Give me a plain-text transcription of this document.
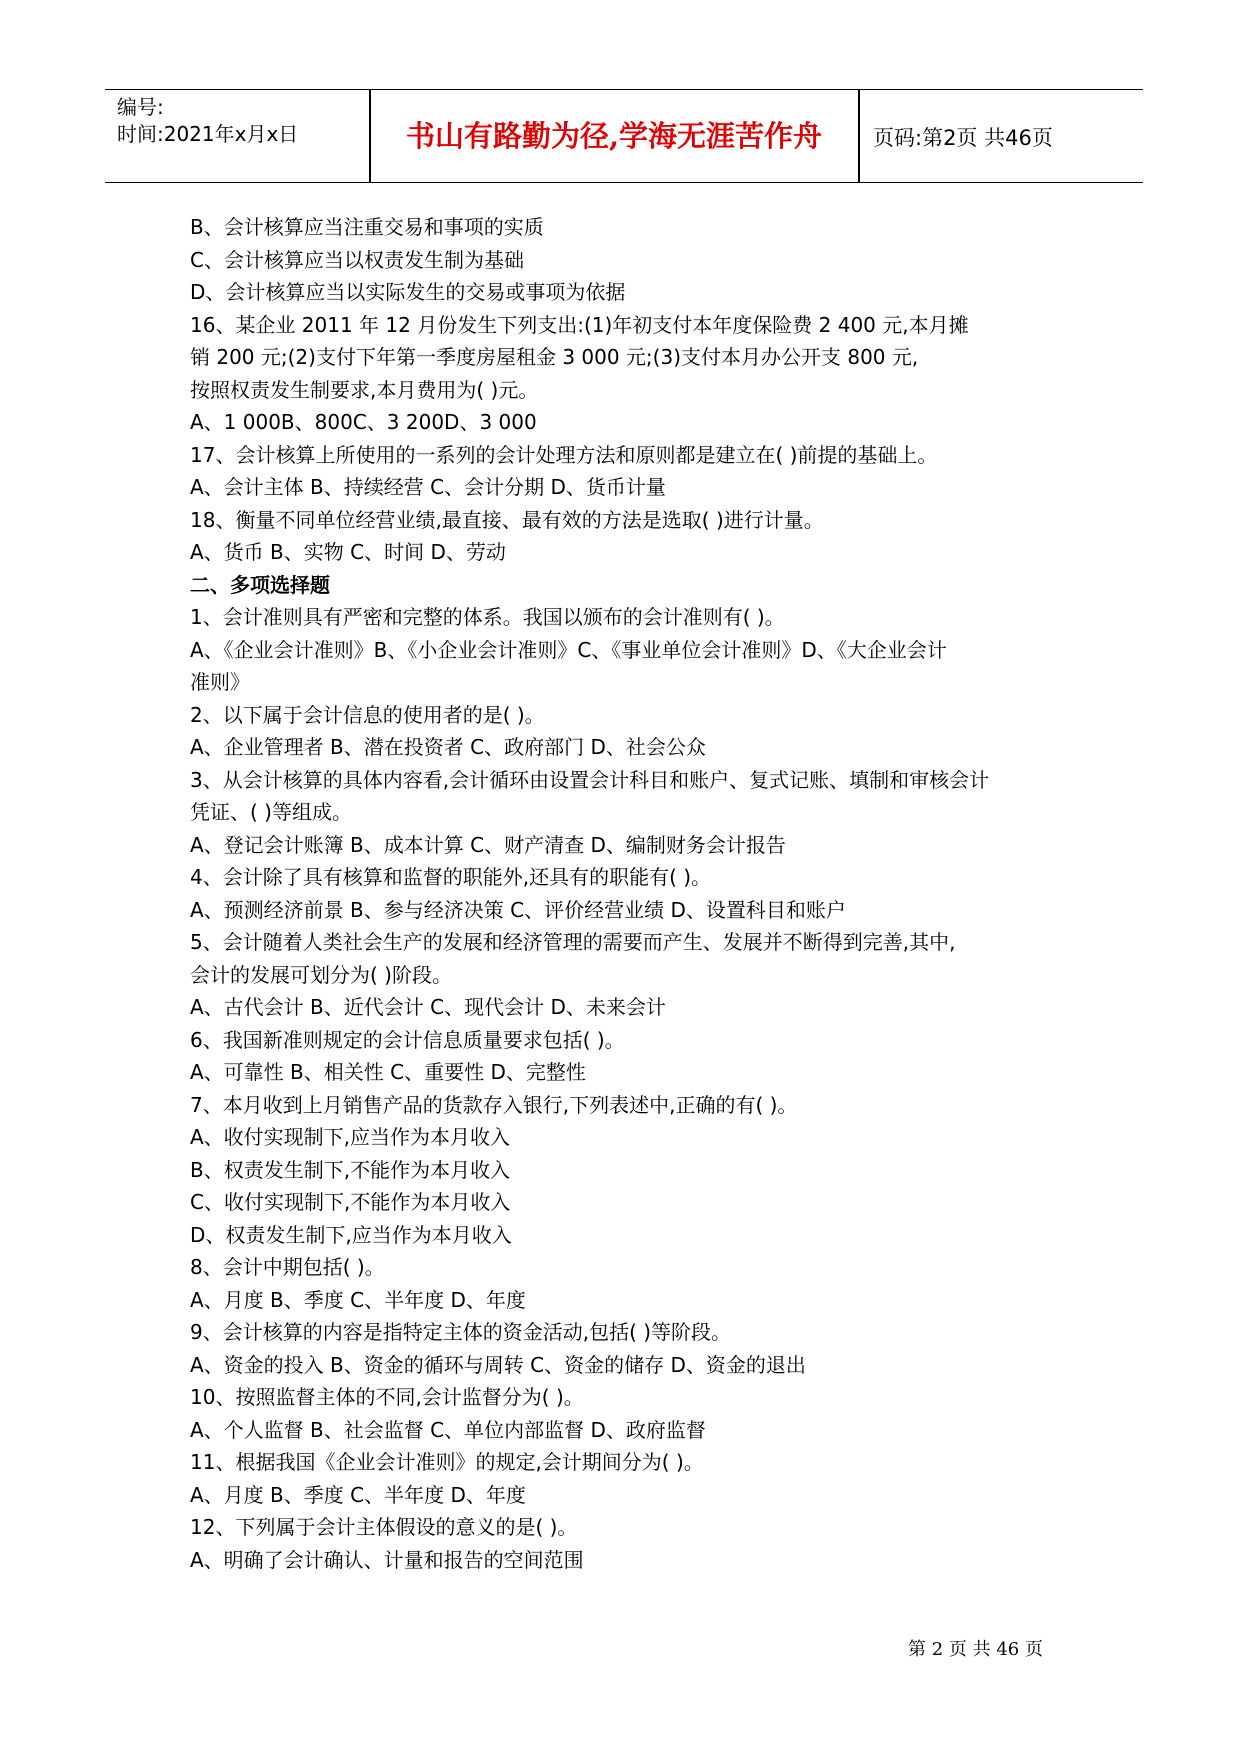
编号:
时间:2021年x月x日	书山有路勤为径,学海无涯苦作舟	页码:第2页 共46页
B、会计核算应当注重交易和事项的实质
C、会计核算应当以权责发生制为基础
D、会计核算应当以实际发生的交易或事项为依据
16、某企业 2011 年 12 月份发生下列支出:(1)年初支付本年度保险费 2 400 元,本月摊
销 200 元;(2)支付下年第一季度房屋租金 3 000 元;(3)支付本月办公开支 800 元,
按照权责发生制要求,本月费用为( )元。
A、1 000B、800C、3 200D、3 000
17、会计核算上所使用的一系列的会计处理方法和原则都是建立在( )前提的基础上。
A、会计主体 B、持续经营 C、会计分期 D、货币计量
18、衡量不同单位经营业绩,最直接、最有效的方法是选取( )进行计量。
A、货币 B、实物 C、时间 D、劳动
二、多项选择题
1、会计准则具有严密和完整的体系。我国以颁布的会计准则有( )。
A、《企业会计准则》B、《小企业会计准则》C、《事业单位会计准则》D、《大企业会计
准则》
2、以下属于会计信息的使用者的是( )。
A、企业管理者 B、潜在投资者 C、政府部门 D、社会公众
3、从会计核算的具体内容看,会计循环由设置会计科目和账户、复式记账、填制和审核会计
凭证、( )等组成。
A、登记会计账簿 B、成本计算 C、财产清查 D、编制财务会计报告
4、会计除了具有核算和监督的职能外,还具有的职能有( )。
A、预测经济前景 B、参与经济决策 C、评价经营业绩 D、设置科目和账户
5、会计随着人类社会生产的发展和经济管理的需要而产生、发展并不断得到完善,其中,
会计的发展可划分为( )阶段。
A、古代会计 B、近代会计 C、现代会计 D、未来会计
6、我国新准则规定的会计信息质量要求包括( )。
A、可靠性 B、相关性 C、重要性 D、完整性
7、本月收到上月销售产品的货款存入银行,下列表述中,正确的有( )。
A、收付实现制下,应当作为本月收入
B、权责发生制下,不能作为本月收入
C、收付实现制下,不能作为本月收入
D、权责发生制下,应当作为本月收入
8、会计中期包括( )。
A、月度 B、季度 C、半年度 D、年度
9、会计核算的内容是指特定主体的资金活动,包括( )等阶段。
A、资金的投入 B、资金的循环与周转 C、资金的储存 D、资金的退出
10、按照监督主体的不同,会计监督分为( )。
A、个人监督 B、社会监督 C、单位内部监督 D、政府监督
11、根据我国《企业会计准则》的规定,会计期间分为( )。
A、月度 B、季度 C、半年度 D、年度
12、下列属于会计主体假设的意义的是( )。
A、明确了会计确认、计量和报告的空间范围
第 2 页 共 46 页
